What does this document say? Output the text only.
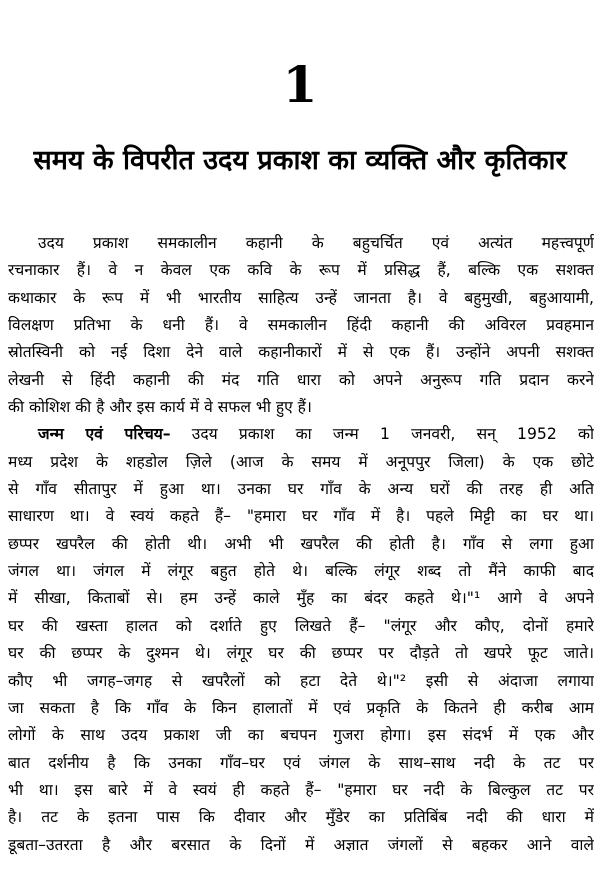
1
समय के विपरीत उदय प्रकाश का व्यक्ति और कृतिकार
उदय प्रकाश समकालीन कहानी के बहुचर्चित एवं अत्यंत महत्त्वपूर्ण
रचनाकार हैं। वे न केवल एक कवि के रूप में प्रसिद्ध हैं, बल्कि एक सशक्त
कथाकार के रूप में भी भारतीय साहित्य उन्हें जानता है। वे बहुमुखी, बहुआयामी,
विलक्षण प्रतिभा के धनी हैं। वे समकालीन हिंदी कहानी की अविरल प्रवहमान
स्रोतस्विनी को नई दिशा देने वाले कहानीकारों में से एक हैं। उन्होंने अपनी सशक्त
लेखनी से हिंदी कहानी की मंद गति धारा को अपने अनुरूप गति प्रदान करने
की कोशिश की है और इस कार्य में वे सफल भी हुए हैं।
जन्म एवं परिचय– उदय प्रकाश का जन्म 1 जनवरी, सन् 1952 को
मध्य प्रदेश के शहडोल ज़िले (आज के समय में अनूपपुर जिला) के एक छोटे
से गाँव सीतापुर में हुआ था। उनका घर गाँव के अन्य घरों की तरह ही अति
साधारण था। वे स्वयं कहते हैं– "हमारा घर गाँव में है। पहले मिट्टी का घर था।
छप्पर खपरैल की होती थी। अभी भी खपरैल की होती है। गाँव से लगा हुआ
जंगल था। जंगल में लंगूर बहुत होते थे। बल्कि लंगूर शब्द तो मैंने काफी बाद
में सीखा, किताबों से। हम उन्हें काले मुँह का बंदर कहते थे।"¹ आगे वे अपने
घर की खस्ता हालत को दर्शाते हुए लिखते हैं– "लंगूर और कौए, दोनों हमारे
घर की छप्पर के दुश्मन थे। लंगूर घर की छप्पर पर दौड़ते तो खपरे फूट जाते।
कौए भी जगह–जगह से खपरैलों को हटा देते थे।"² इसी से अंदाजा लगाया
जा सकता है कि गाँव के किन हालातों में एवं प्रकृति के कितने ही करीब आम
लोगों के साथ उदय प्रकाश जी का बचपन गुजरा होगा। इस संदर्भ में एक और
बात दर्शनीय है कि उनका गाँव–घर एवं जंगल के साथ–साथ नदी के तट पर
भी था। इस बारे में वे स्वयं ही कहते हैं– "हमारा घर नदी के बिल्कुल तट पर
है। तट के इतना पास कि दीवार और मुँडेर का प्रतिबिंब नदी की धारा में
डूबता–उतरता है और बरसात के दिनों में अज्ञात जंगलों से बहकर आने वाले
